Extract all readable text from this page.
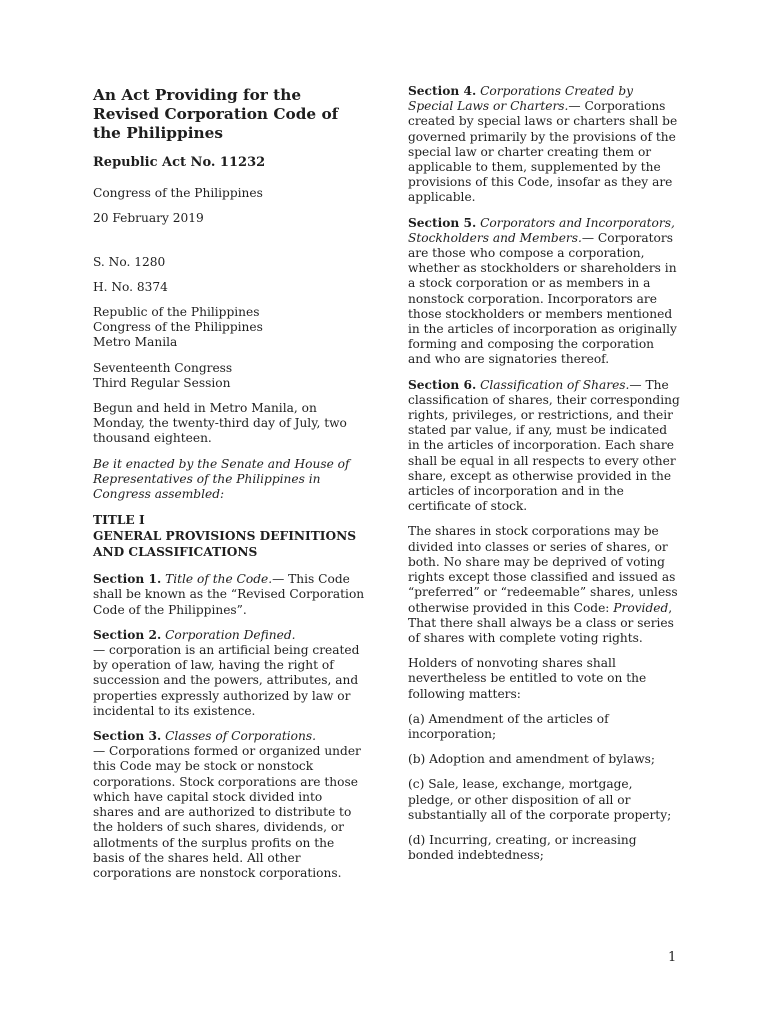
An Act Providing for the Revised Corporation Code of the Philippines
Republic Act No. 11232

Congress of the Philippines

20 February 2019

S. No. 1280

H. No. 8374

Republic of the Philippines
Congress of the Philippines
Metro Manila

Seventeenth Congress
Third Regular Session

Begun and held in Metro Manila, on Monday, the twenty-third day of July, two thousand eighteen.

Be it enacted by the Senate and House of Representatives of the Philippines in Congress assembled:

TITLE I
GENERAL PROVISIONS DEFINITIONS AND CLASSIFICATIONS

Section 1. Title of the Code.— This Code shall be known as the “Revised Corporation Code of the Philippines”.

Section 2. Corporation Defined.
— corporation is an artificial being created by operation of law, having the right of succession and the powers, attributes, and properties expressly authorized by law or incidental to its existence.

Section 3. Classes of Corporations.
— Corporations formed or organized under this Code may be stock or nonstock corporations. Stock corporations are those which have capital stock divided into shares and are authorized to distribute to the holders of such shares, dividends, or allotments of the surplus profits on the basis of the shares held. All other corporations are nonstock corporations.

Section 4. Corporations Created by Special Laws or Charters.— Corporations created by special laws or charters shall be governed primarily by the provisions of the special law or charter creating them or applicable to them, supplemented by the provisions of this Code, insofar as they are applicable.

Section 5. Corporators and Incorporators, Stockholders and Members.— Corporators are those who compose a corporation, whether as stockholders or shareholders in a stock corporation or as members in a nonstock corporation. Incorporators are those stockholders or members mentioned in the articles of incorporation as originally forming and composing the corporation and who are signatories thereof.

Section 6. Classification of Shares.— The classification of shares, their corresponding rights, privileges, or restrictions, and their stated par value, if any, must be indicated in the articles of incorporation. Each share shall be equal in all respects to every other share, except as otherwise provided in the articles of incorporation and in the certificate of stock.

The shares in stock corporations may be divided into classes or series of shares, or both. No share may be deprived of voting rights except those classified and issued as “preferred” or “redeemable” shares, unless otherwise provided in this Code: Provided, That there shall always be a class or series of shares with complete voting rights.

Holders of nonvoting shares shall nevertheless be entitled to vote on the following matters:

(a) Amendment of the articles of incorporation;

(b) Adoption and amendment of bylaws;

(c) Sale, lease, exchange, mortgage, pledge, or other disposition of all or substantially all of the corporate property;

(d) Incurring, creating, or increasing bonded indebtedness;

1
